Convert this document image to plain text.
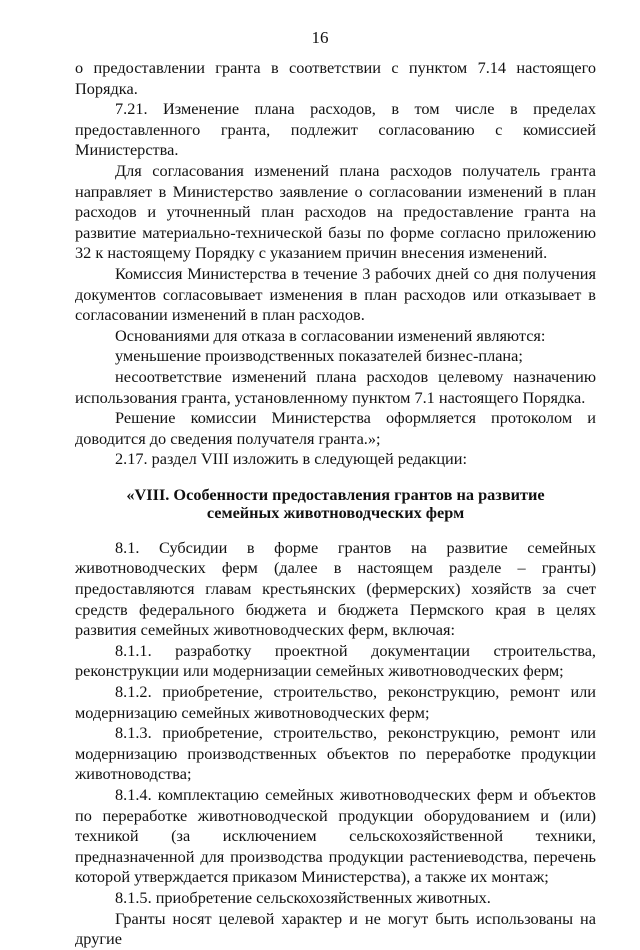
16

о предоставлении гранта в соответствии с пунктом 7.14 настоящего Порядка.

7.21. Изменение плана расходов, в том числе в пределах предоставленного гранта, подлежит согласованию с комиссией Министерства.

Для согласования изменений плана расходов получатель гранта направляет в Министерство заявление о согласовании изменений в план расходов и уточненный план расходов на предоставление гранта на развитие материально-технической базы по форме согласно приложению 32 к настоящему Порядку с указанием причин внесения изменений.

Комиссия Министерства в течение 3 рабочих дней со дня получения документов согласовывает изменения в план расходов или отказывает в согласовании изменений в план расходов.

Основаниями для отказа в согласовании изменений являются:

уменьшение производственных показателей бизнес-плана;

несоответствие изменений плана расходов целевому назначению использования гранта, установленному пунктом 7.1 настоящего Порядка.

Решение комиссии Министерства оформляется протоколом и доводится до сведения получателя гранта.»;

2.17. раздел VIII изложить в следующей редакции:

«VIII. Особенности предоставления грантов на развитие
семейных животноводческих ферм

8.1. Субсидии в форме грантов на развитие семейных животноводческих ферм (далее в настоящем разделе – гранты) предоставляются главам крестьянских (фермерских) хозяйств за счет средств федерального бюджета и бюджета Пермского края в целях развития семейных животноводческих ферм, включая:

8.1.1. разработку проектной документации строительства, реконструкции или модернизации семейных животноводческих ферм;

8.1.2. приобретение, строительство, реконструкцию, ремонт или модернизацию семейных животноводческих ферм;

8.1.3. приобретение, строительство, реконструкцию, ремонт или модернизацию производственных объектов по переработке продукции животноводства;

8.1.4. комплектацию семейных животноводческих ферм и объектов по переработке животноводческой продукции оборудованием и (или) техникой (за исключением сельскохозяйственной техники, предназначенной для производства продукции растениеводства, перечень которой утверждается приказом Министерства), а также их монтаж;

8.1.5. приобретение сельскохозяйственных животных.

Гранты носят целевой характер и не могут быть использованы на другие
